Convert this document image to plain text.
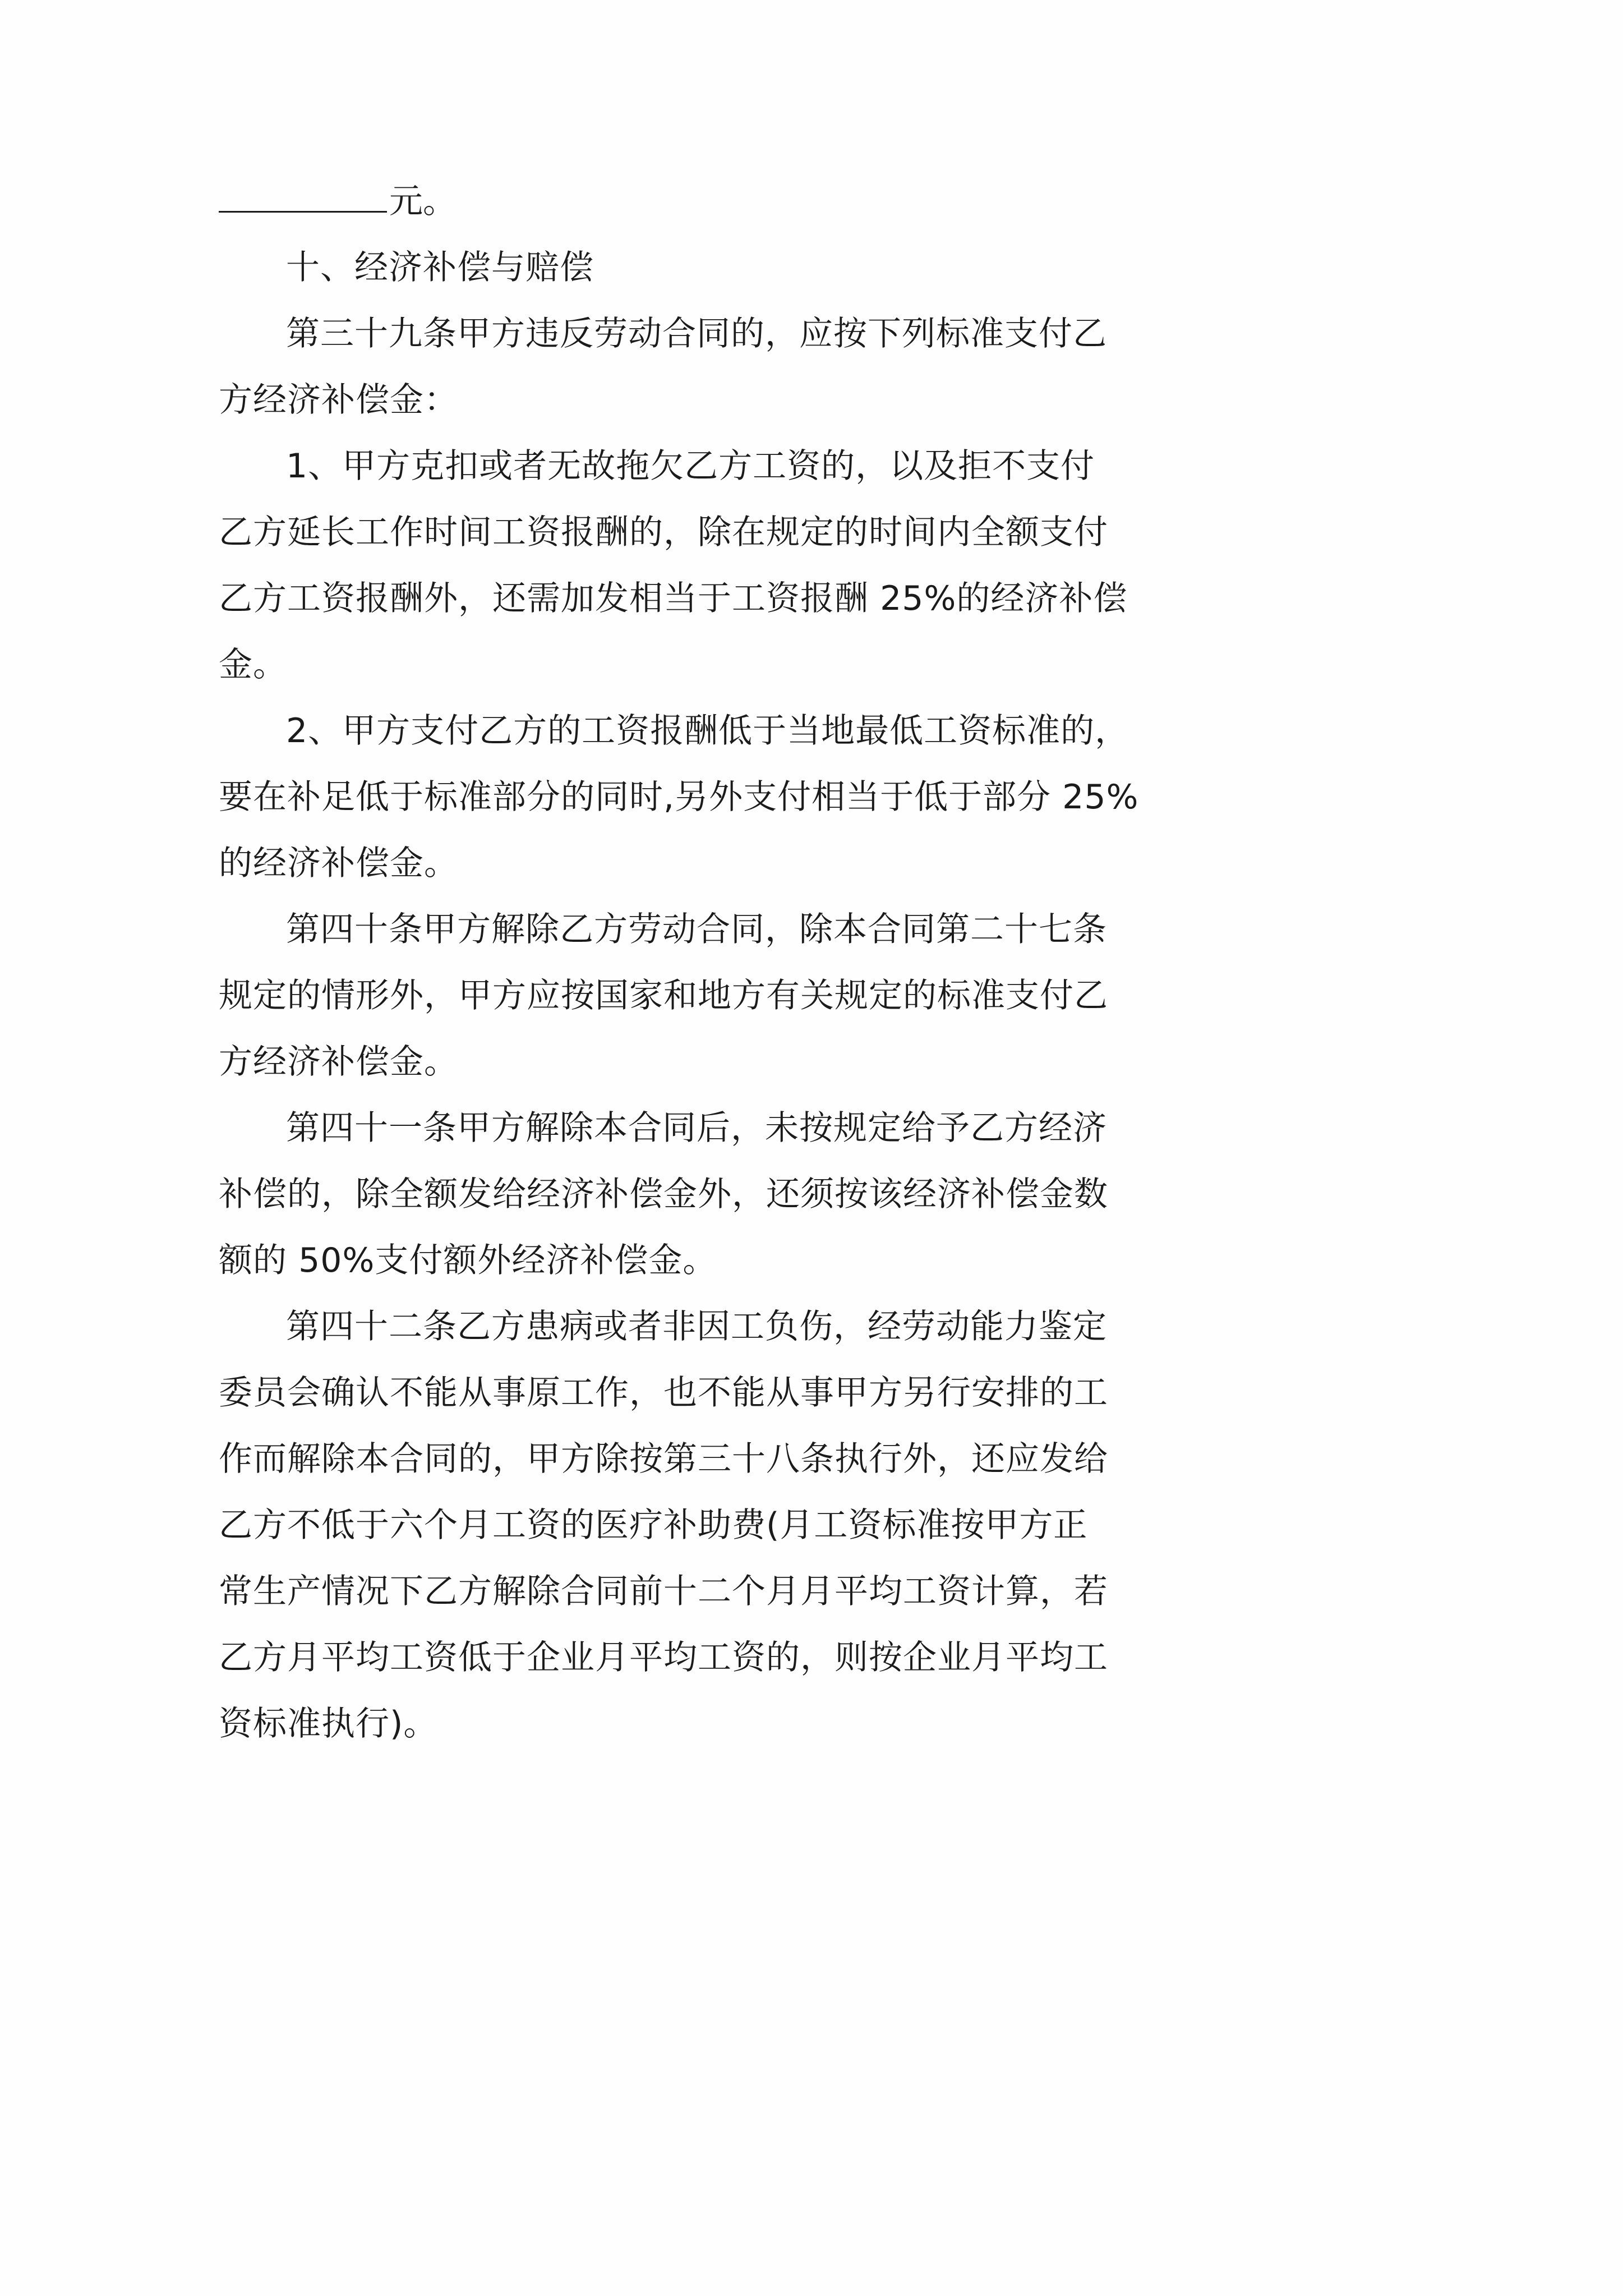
元。
十、经济补偿与赔偿
第三十九条甲方违反劳动合同的，应按下列标准支付乙
方经济补偿金：
1、甲方克扣或者无故拖欠乙方工资的，以及拒不支付
乙方延长工作时间工资报酬的，除在规定的时间内全额支付
乙方工资报酬外，还需加发相当于工资报酬 25%的经济补偿
金。
2、甲方支付乙方的工资报酬低于当地最低工资标准的，
要在补足低于标准部分的同时,另外支付相当于低于部分 25%
的经济补偿金。
第四十条甲方解除乙方劳动合同，除本合同第二十七条
规定的情形外，甲方应按国家和地方有关规定的标准支付乙
方经济补偿金。
第四十一条甲方解除本合同后，未按规定给予乙方经济
补偿的，除全额发给经济补偿金外，还须按该经济补偿金数
额的 50%支付额外经济补偿金。
第四十二条乙方患病或者非因工负伤，经劳动能力鉴定
委员会确认不能从事原工作，也不能从事甲方另行安排的工
作而解除本合同的，甲方除按第三十八条执行外，还应发给
乙方不低于六个月工资的医疗补助费(月工资标准按甲方正
常生产情况下乙方解除合同前十二个月月平均工资计算，若
乙方月平均工资低于企业月平均工资的，则按企业月平均工
资标准执行)。
